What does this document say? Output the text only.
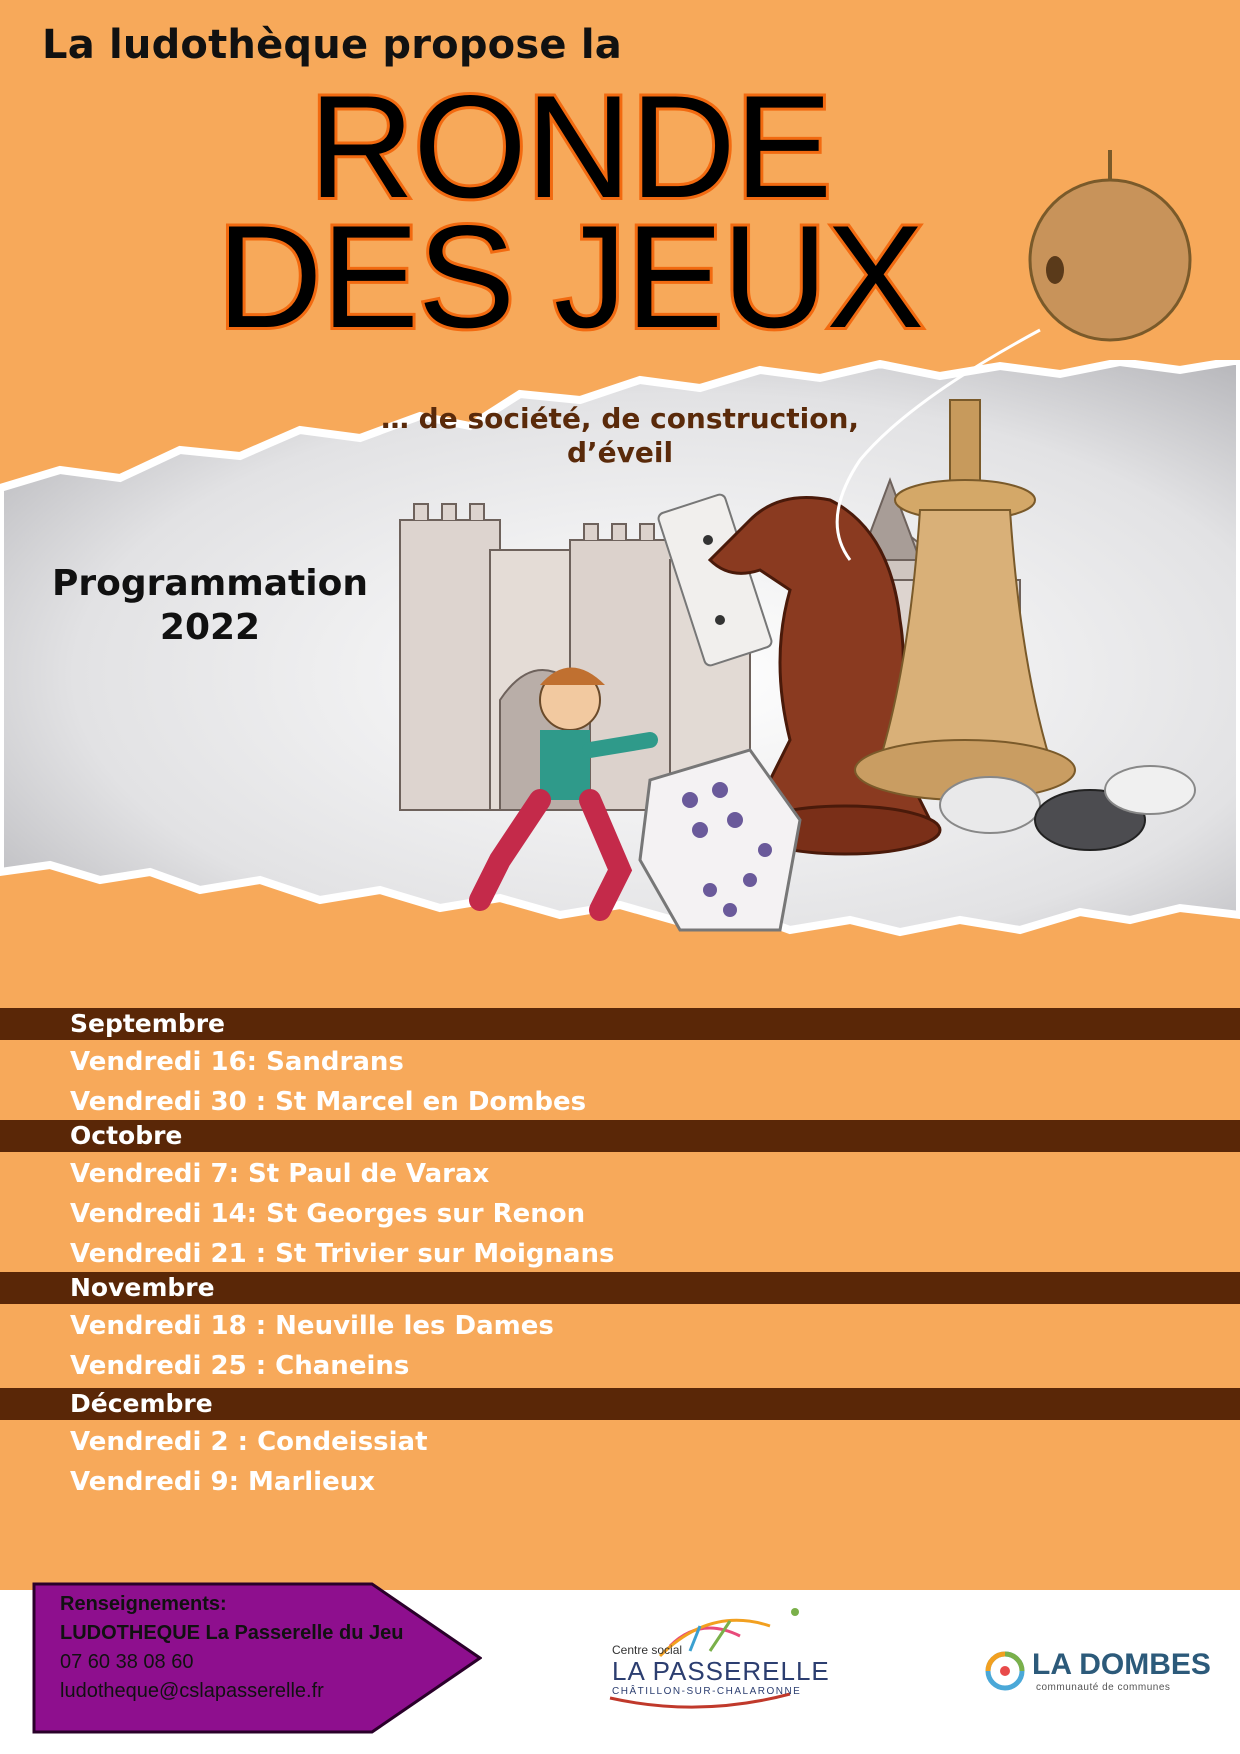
La ludothèque propose la
RONDE
DES JEUX
… de société, de construction,
d’éveil
Programmation
2022
Septembre
Vendredi 16: Sandrans
Vendredi 30 : St Marcel en Dombes
Octobre
Vendredi 7: St Paul de Varax
Vendredi 14: St Georges sur Renon
Vendredi 21 : St Trivier sur Moignans
Novembre
Vendredi 18 : Neuville les Dames
Vendredi 25 : Chaneins
Décembre
Vendredi 2 : Condeissiat
Vendredi 9: Marlieux
Renseignements:
LUDOTHEQUE La Passerelle du Jeu
07 60 38 08 60
ludotheque@cslapasserelle.fr
Centre social
LA PASSERELLE
CHÂTILLON-SUR-CHALARONNE
LA DOMBES
communauté de communes
